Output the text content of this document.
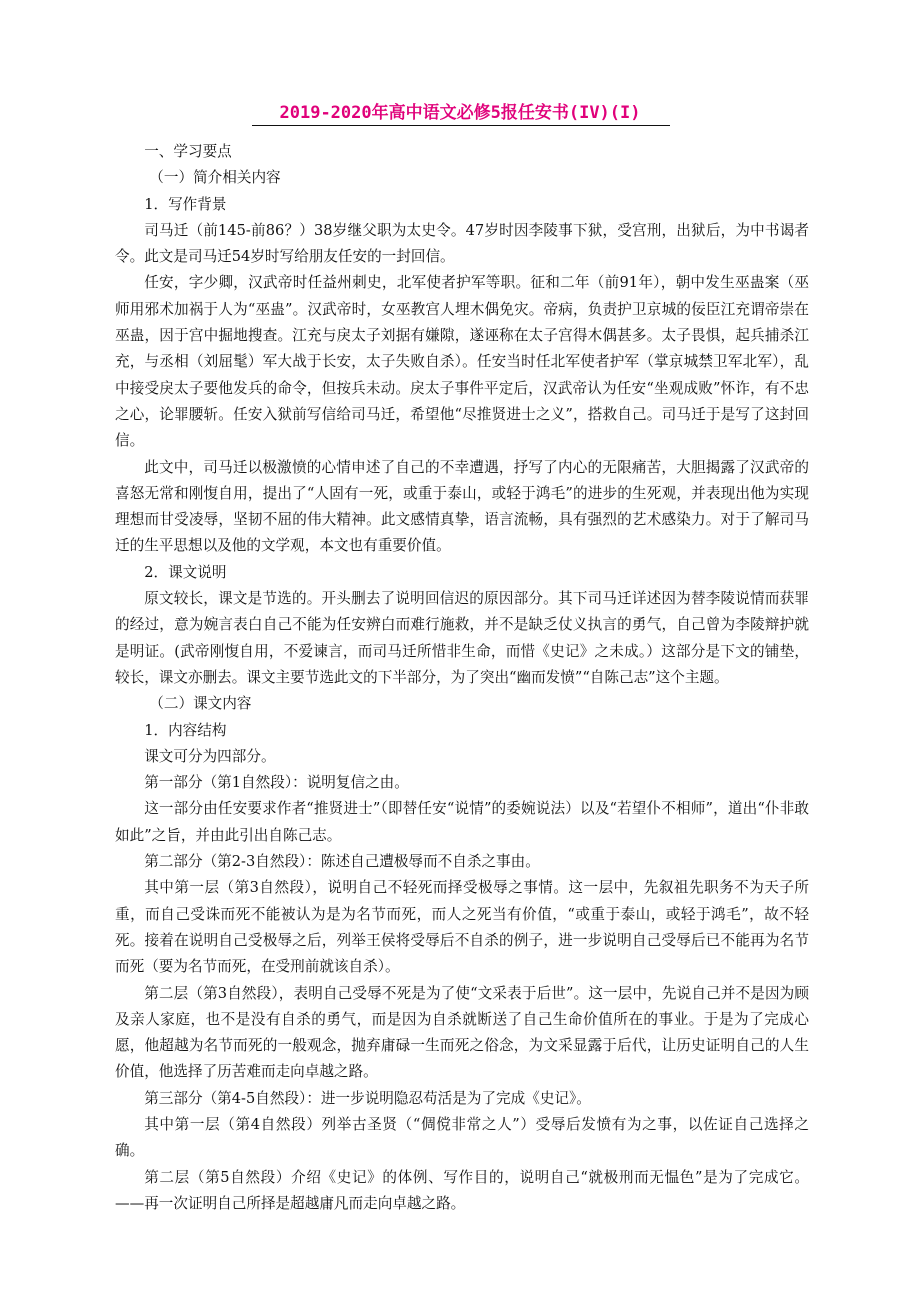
2019-2020年高中语文必修5报任安书(IV)(I)

一、学习要点

（一）简介相关内容

1．写作背景

司马迁（前145-前86？）38岁继父职为太史令。47岁时因李陵事下狱，受宫刑，出狱后，为中书谒者令。此文是司马迁54岁时写给朋友任安的一封回信。

任安，字少卿，汉武帝时任益州刺史，北军使者护军等职。征和二年（前91年），朝中发生巫蛊案（巫师用邪术加祸于人为“巫蛊”。汉武帝时，女巫教宫人埋木偶免灾。帝病，负责护卫京城的佞臣江充谓帝崇在巫蛊，因于宫中掘地搜查。江充与戾太子刘据有嫌隙，遂诬称在太子宫得木偶甚多。太子畏惧，起兵捕杀江充，与丞相（刘屈髦）军大战于长安，太子失败自杀）。任安当时任北军使者护军（掌京城禁卫军北军），乱中接受戾太子要他发兵的命令，但按兵未动。戾太子事件平定后，汉武帝认为任安“坐观成败”怀诈，有不忠之心，论罪腰斩。任安入狱前写信给司马迁，希望他“尽推贤进士之义”，搭救自己。司马迁于是写了这封回信。

此文中，司马迁以极激愤的心情申述了自己的不幸遭遇，抒写了内心的无限痛苦，大胆揭露了汉武帝的喜怒无常和刚愎自用，提出了“人固有一死，或重于泰山，或轻于鸿毛”的进步的生死观，并表现出他为实现理想而甘受凌辱，坚韧不屈的伟大精神。此文感情真挚，语言流畅，具有强烈的艺术感染力。对于了解司马迁的生平思想以及他的文学观，本文也有重要价值。

2．课文说明

原文较长，课文是节选的。开头删去了说明回信迟的原因部分。其下司马迁详述因为替李陵说情而获罪的经过，意为婉言表白自己不能为任安辨白而难行施救，并不是缺乏仗义执言的勇气，自己曾为李陵辩护就是明证。(武帝刚愎自用，不爱谏言，而司马迁所惜非生命，而惜《史记》之未成。）这部分是下文的铺垫，较长，课文亦删去。课文主要节选此文的下半部分，为了突出“幽而发愤”“自陈己志”这个主题。

（二）课文内容

1．内容结构

课文可分为四部分。

第一部分（第1自然段）：说明复信之由。

这一部分由任安要求作者“推贤进士”（即替任安“说情”的委婉说法）以及“若望仆不相师”，道出“仆非敢如此”之旨，并由此引出自陈己志。

第二部分（第2-3自然段）：陈述自己遭极辱而不自杀之事由。

其中第一层（第3自然段），说明自己不轻死而择受极辱之事情。这一层中，先叙祖先职务不为天子所重，而自己受诛而死不能被认为是为名节而死，而人之死当有价值，“或重于泰山，或轻于鸿毛”，故不轻死。接着在说明自己受极辱之后，列举王侯将受辱后不自杀的例子，进一步说明自己受辱后已不能再为名节而死（要为名节而死，在受刑前就该自杀）。

第二层（第3自然段），表明自己受辱不死是为了使“文采表于后世”。这一层中，先说自己并不是因为顾及亲人家庭，也不是没有自杀的勇气，而是因为自杀就断送了自己生命价值所在的事业。于是为了完成心愿，他超越为名节而死的一般观念，抛弃庸碌一生而死之俗念，为文采显露于后代，让历史证明自己的人生价值，他选择了历苦难而走向卓越之路。

第三部分（第4-5自然段）：进一步说明隐忍苟活是为了完成《史记》。

其中第一层（第4自然段）列举古圣贤（“倜傥非常之人”）受辱后发愤有为之事，以佐证自己选择之确。

第二层（第5自然段）介绍《史记》的体例、写作目的，说明自己“就极刑而无愠色”是为了完成它。——再一次证明自己所择是超越庸凡而走向卓越之路。
